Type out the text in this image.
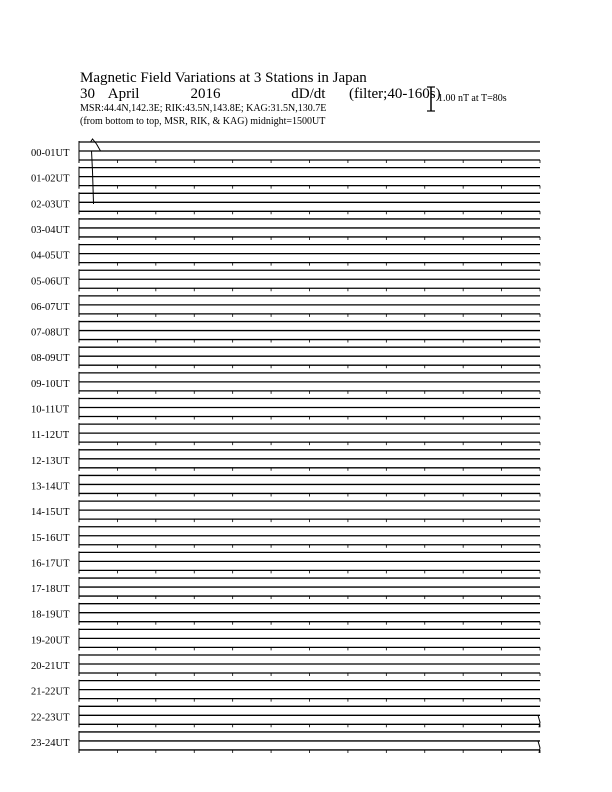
Magnetic Field Variations at 3 Stations in Japan
30 April	2016	dD/dt (filter;40-160s)
MSR:44.4N,142.3E; RIK:43.5N,143.8E; KAG:31.5N,130.7E
(from bottom to top, MSR, RIK, & KAG) midnight=1500UT
1.00 nT at T=80s
00-01UT
01-02UT
02-03UT
03-04UT
04-05UT
05-06UT
06-07UT
07-08UT
08-09UT
09-10UT
10-11UT
11-12UT
12-13UT
13-14UT
14-15UT
15-16UT
16-17UT
17-18UT
18-19UT
19-20UT
20-21UT
21-22UT
22-23UT
23-24UT
